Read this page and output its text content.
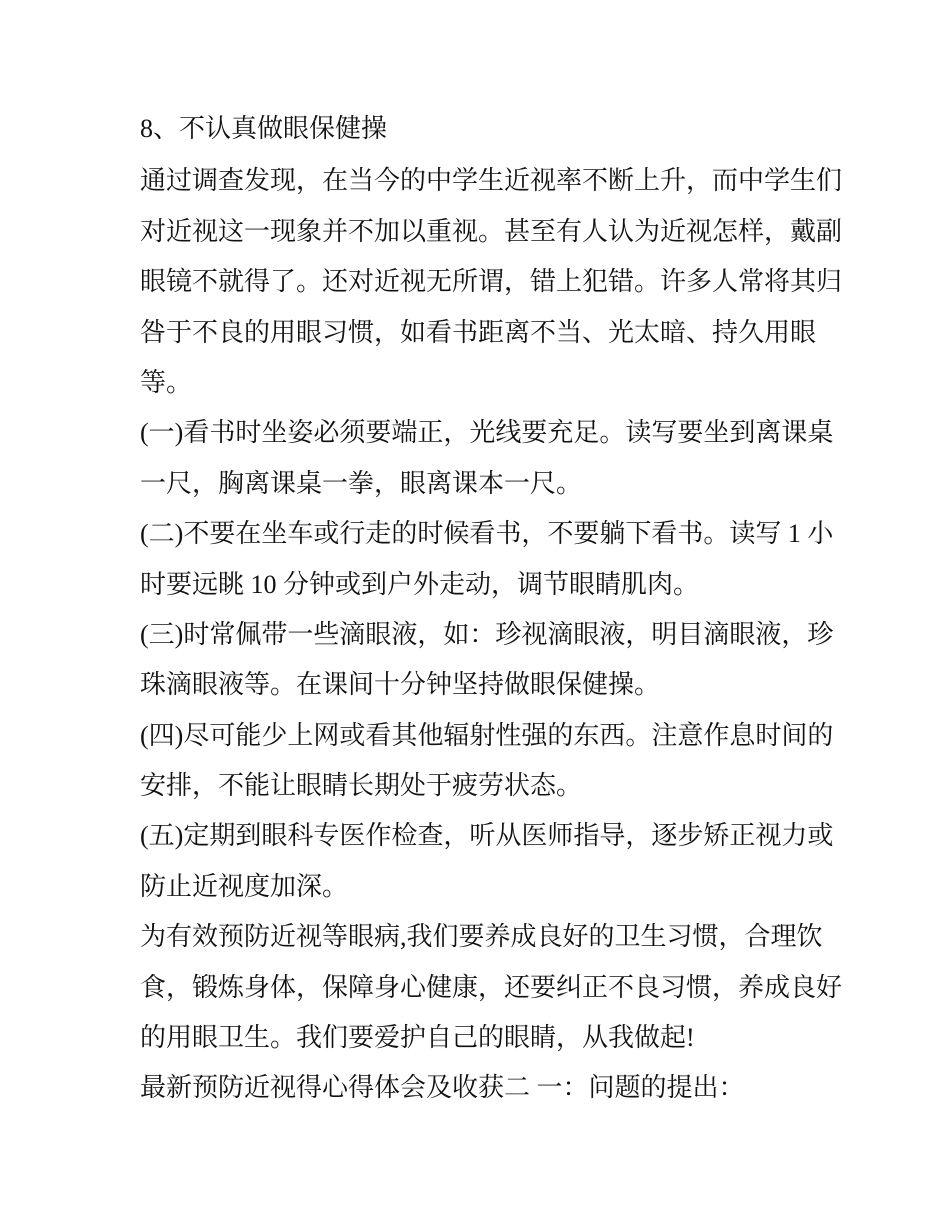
8、不认真做眼保健操
通过调查发现，在当今的中学生近视率不断上升，而中学生们
对近视这一现象并不加以重视。甚至有人认为近视怎样，戴副
眼镜不就得了。还对近视无所谓，错上犯错。许多人常将其归
咎于不良的用眼习惯，如看书距离不当、光太暗、持久用眼
等。
(一)看书时坐姿必须要端正，光线要充足。读写要坐到离课桌
一尺，胸离课桌一拳，眼离课本一尺。
(二)不要在坐车或行走的时候看书，不要躺下看书。读写 1 小
时要远眺 10 分钟或到户外走动，调节眼睛肌肉。
(三)时常佩带一些滴眼液，如：珍视滴眼液，明目滴眼液，珍
珠滴眼液等。在课间十分钟坚持做眼保健操。
(四)尽可能少上网或看其他辐射性强的东西。注意作息时间的
安排，不能让眼睛长期处于疲劳状态。
(五)定期到眼科专医作检查，听从医师指导，逐步矫正视力或
防止近视度加深。
为有效预防近视等眼病,我们要养成良好的卫生习惯，合理饮
食，锻炼身体，保障身心健康，还要纠正不良习惯，养成良好
的用眼卫生。我们要爱护自己的眼睛，从我做起!
最新预防近视得心得体会及收获二 一：问题的提出：
